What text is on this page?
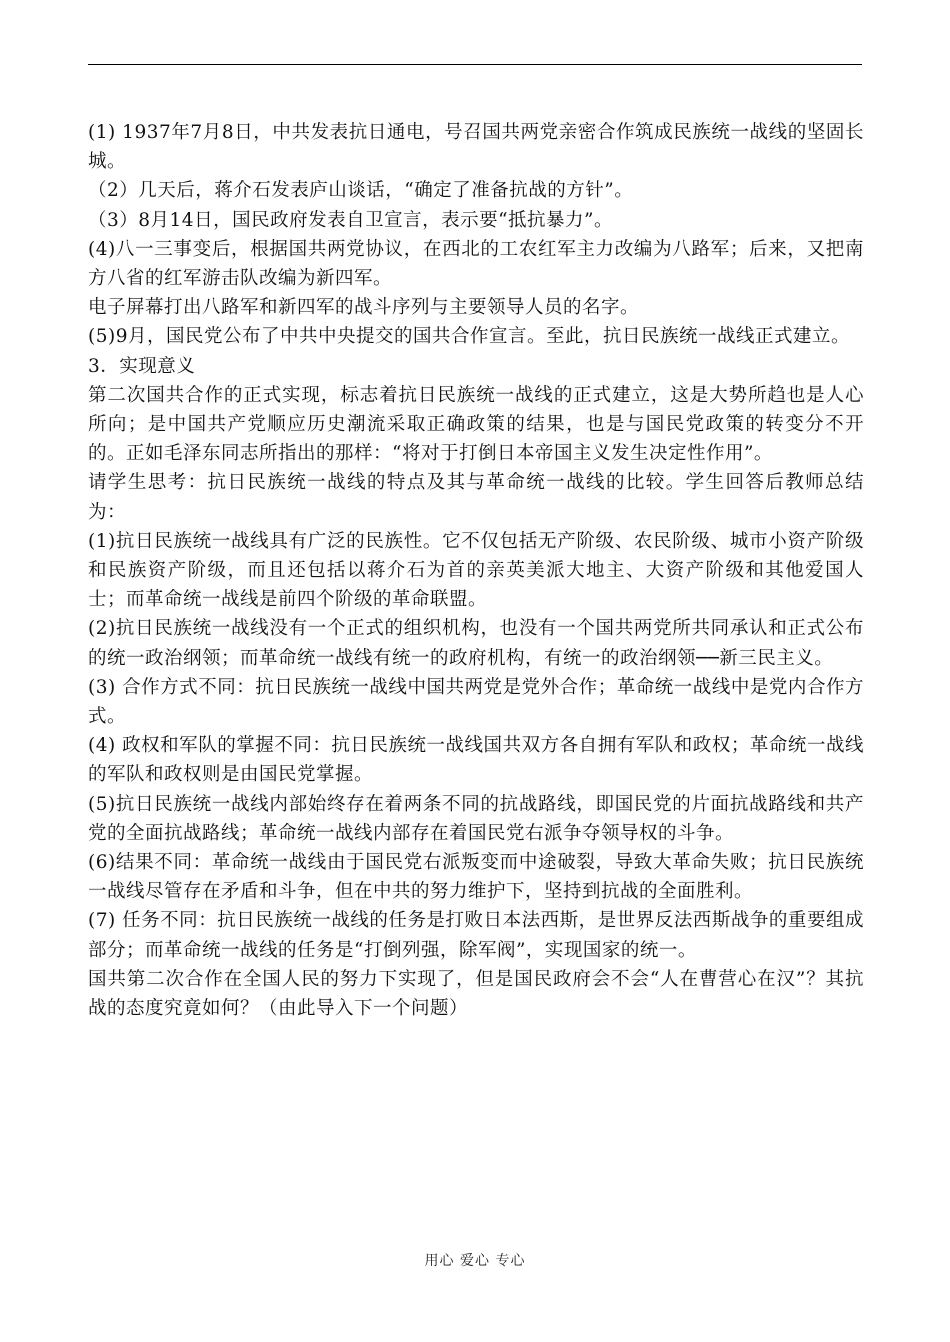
(1) 1937年7月8日，中共发表抗日通电，号召国共两党亲密合作筑成民族统一战线的坚固长城。

（2）几天后，蒋介石发表庐山谈话，“确定了准备抗战的方针”。

（3）8月14日，国民政府发表自卫宣言，表示要“抵抗暴力”。

(4)八一三事变后，根据国共两党协议，在西北的工农红军主力改编为八路军；后来，又把南方八省的红军游击队改编为新四军。

电子屏幕打出八路军和新四军的战斗序列与主要领导人员的名字。

(5)9月，国民党公布了中共中央提交的国共合作宣言。至此，抗日民族统一战线正式建立。

3．实现意义

第二次国共合作的正式实现，标志着抗日民族统一战线的正式建立，这是大势所趋也是人心所向；是中国共产党顺应历史潮流采取正确政策的结果，也是与国民党政策的转变分不开的。正如毛泽东同志所指出的那样：“将对于打倒日本帝国主义发生决定性作用”。

请学生思考：抗日民族统一战线的特点及其与革命统一战线的比较。学生回答后教师总结为：

(1)抗日民族统一战线具有广泛的民族性。它不仅包括无产阶级、农民阶级、城市小资产阶级和民族资产阶级，而且还包括以蒋介石为首的亲英美派大地主、大资产阶级和其他爱国人士；而革命统一战线是前四个阶级的革命联盟。

(2)抗日民族统一战线没有一个正式的组织机构，也没有一个国共两党所共同承认和正式公布的统一政治纲领；而革命统一战线有统一的政府机构，有统一的政治纲领──新三民主义。

(3) 合作方式不同：抗日民族统一战线中国共两党是党外合作；革命统一战线中是党内合作方式。

(4) 政权和军队的掌握不同：抗日民族统一战线国共双方各自拥有军队和政权；革命统一战线的军队和政权则是由国民党掌握。

(5)抗日民族统一战线内部始终存在着两条不同的抗战路线，即国民党的片面抗战路线和共产党的全面抗战路线；革命统一战线内部存在着国民党右派争夺领导权的斗争。

(6)结果不同：革命统一战线由于国民党右派叛变而中途破裂，导致大革命失败；抗日民族统一战线尽管存在矛盾和斗争，但在中共的努力维护下，坚持到抗战的全面胜利。

(7) 任务不同：抗日民族统一战线的任务是打败日本法西斯，是世界反法西斯战争的重要组成部分；而革命统一战线的任务是“打倒列强，除军阀”，实现国家的统一。

国共第二次合作在全国人民的努力下实现了，但是国民政府会不会“人在曹营心在汉”？其抗战的态度究竟如何？（由此导入下一个问题）

用心 爱心 专心
